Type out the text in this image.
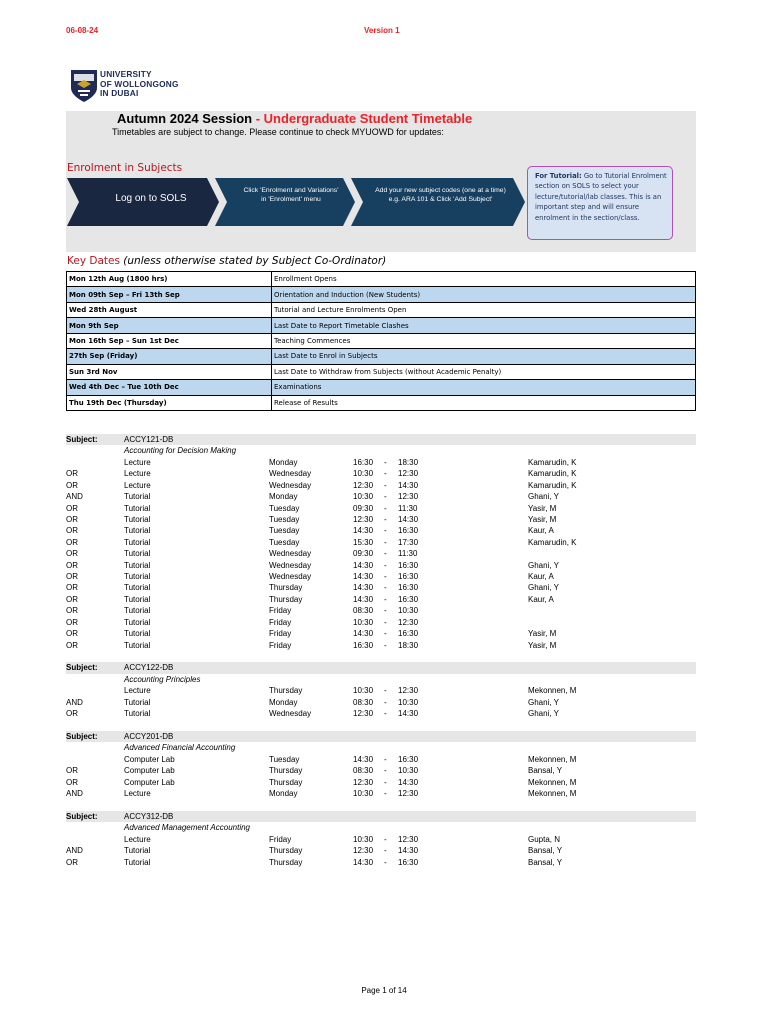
06-08-24	Version 1
UNIVERSITY
OF WOLLONGONG
IN DUBAI
Autumn 2024 Session - Undergraduate Student Timetable
Timetables are subject to change. Please continue to check MYUOWD for updates:
Enrolment in Subjects
Log on to SOLS
Click 'Enrolment and Variations' in 'Enrolment' menu
Add your new subject codes (one at a time) e.g. ARA 101 & Click 'Add Subject'
For Tutorial: Go to Tutorial Enrolment section on SOLS to select your lecture/tutorial/lab classes. This is an important step and will ensure enrolment in the section/class.
Key Dates (unless otherwise stated by Subject Co-Ordinator)
Mon 12th Aug (1800 hrs)	Enrollment Opens
Mon 09th Sep – Fri 13th Sep	Orientation and Induction (New Students)
Wed 28th August	Tutorial and Lecture Enrolments Open
Mon 9th Sep	Last Date to Report Timetable Clashes
Mon 16th Sep – Sun 1st Dec	Teaching Commences
27th Sep (Friday)	Last Date to Enrol in Subjects
Sun 3rd Nov	Last Date to Withdraw from Subjects (without Academic Penalty)
Wed 4th Dec – Tue 10th Dec	Examinations
Thu 19th Dec (Thursday)	Release of Results
Subject:	ACCY121-DB
Accounting for Decision Making
Lecture	Monday	16:30 - 18:30	Kamarudin, K
OR	Lecture	Wednesday	10:30 - 12:30	Kamarudin, K
OR	Lecture	Wednesday	12:30 - 14:30	Kamarudin, K
AND	Tutorial	Monday	10:30 - 12:30	Ghani, Y
OR	Tutorial	Tuesday	09:30 - 11:30	Yasir, M
OR	Tutorial	Tuesday	12:30 - 14:30	Yasir, M
OR	Tutorial	Tuesday	14:30 - 16:30	Kaur, A
OR	Tutorial	Tuesday	15:30 - 17:30	Kamarudin, K
OR	Tutorial	Wednesday	09:30 - 11:30
OR	Tutorial	Wednesday	14:30 - 16:30	Ghani, Y
OR	Tutorial	Wednesday	14:30 - 16:30	Kaur, A
OR	Tutorial	Thursday	14:30 - 16:30	Ghani, Y
OR	Tutorial	Thursday	14:30 - 16:30	Kaur, A
OR	Tutorial	Friday	08:30 - 10:30
OR	Tutorial	Friday	10:30 - 12:30
OR	Tutorial	Friday	14:30 - 16:30	Yasir, M
OR	Tutorial	Friday	16:30 - 18:30	Yasir, M
Subject:	ACCY122-DB
Accounting Principles
Lecture	Thursday	10:30 - 12:30	Mekonnen, M
AND	Tutorial	Monday	08:30 - 10:30	Ghani, Y
OR	Tutorial	Wednesday	12:30 - 14:30	Ghani, Y
Subject:	ACCY201-DB
Advanced Financial Accounting
Computer Lab	Tuesday	14:30 - 16:30	Mekonnen, M
OR	Computer Lab	Thursday	08:30 - 10:30	Bansal, Y
OR	Computer Lab	Thursday	12:30 - 14:30	Mekonnen, M
AND	Lecture	Monday	10:30 - 12:30	Mekonnen, M
Subject:	ACCY312-DB
Advanced Management Accounting
Lecture	Friday	10:30 - 12:30	Gupta, N
AND	Tutorial	Thursday	12:30 - 14:30	Bansal, Y
OR	Tutorial	Thursday	14:30 - 16:30	Bansal, Y
Page 1 of 14
